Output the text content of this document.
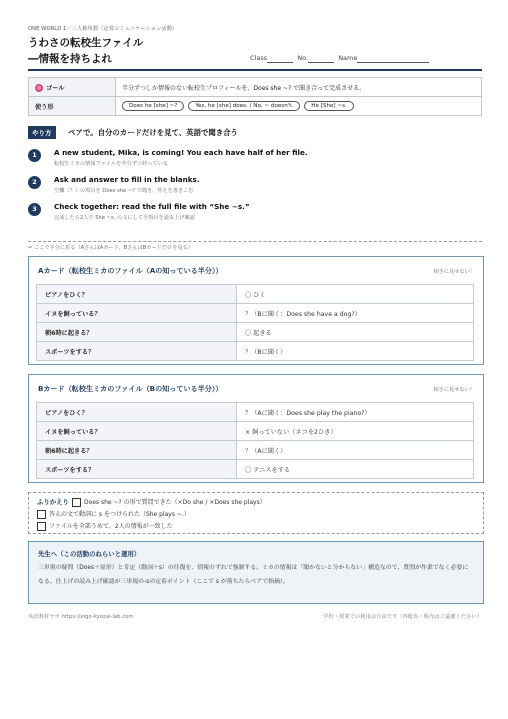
ONE WORLD 1／三人称単数（定着コミュニケーション活動）
うわさの転校生ファイル
―情報を持ちよれ	Class	No.	Name
◎ ゴール	半分ずつしか情報のない転校生プロフィールを、Does she ~? で聞き合って完成させる。
使う形	Does he [she] ~? Yes, he [she] does. / No, ~ doesn't. He [She] ~s.
やり方	ペアで。自分のカードだけを見て、英語で聞き合う
1	A new student, Mika, is coming! You each have half of her file.
転校生ミカの情報ファイルを半分ずつ持っている
2	Ask and answer to fill in the blanks.
空欄（？）の項目を Does she ~? で聞き、答えを書きこむ
3	Check together: read the full file with “She ~s.”
完成したら2人で She ~s. の文にして全項目を読み上げ確認
✂ ここで半分に折る（AさんはAカード、BさんはBカードだけを見る）
Aカード（転校生ミカのファイル（Aの知っている半分））	相手に見せない！
ピアノをひく？	〇 ひく
イヌを飼っている？	？（Bに聞く：Does she have a dog?）
朝6時に起きる？	〇 起きる
スポーツをする？	？（Bに聞く）
Bカード（転校生ミカのファイル（Bの知っている半分））	相手に見せない！
ピアノをひく？	？（Aに聞く：Does she play the piano?）
イヌを飼っている？	× 飼っていない（ネコを2ひき）
朝6時に起きる？	？（Aに聞く）
スポーツをする？	〇 テニスをする
ふりかえり	Does she ~? の形で質問できた（×Do she / ×Does she plays）
答えの文で動詞に s をつけられた（She plays ~.）
ファイルを全部うめて、2人の情報が一致した
先生へ（この活動のねらいと運用）
三単現の疑問（Does＋原形）と肯定（動詞＋s）の往復を、情報のずれで強制する。ミカの情報は「聞かないと分からない」構造なので、質問が作業でなく必要になる。仕上げの読み上げ確認が三単現の-sの定着ポイント（ここで s が落ちたらペアで指摘）。
英語教材ラボ https://eigo-kyozai-lab.com	学校・授業での利用は自由です（再配布・販売はご遠慮ください）
